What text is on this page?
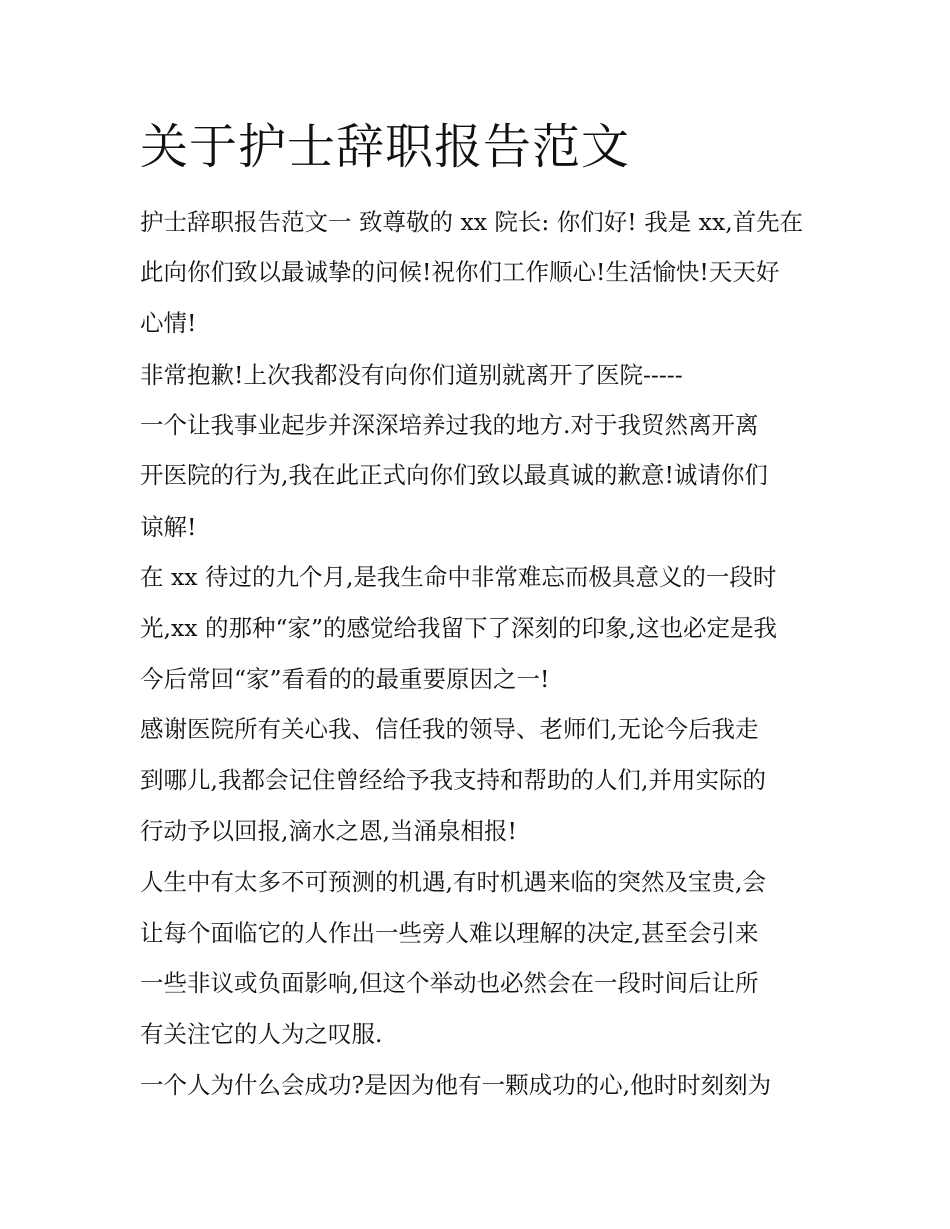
关于护士辞职报告范文

护士辞职报告范文一 致尊敬的 xx 院长: 你们好! 我是 xx,首先在

此向你们致以最诚挚的问候!祝你们工作顺心!生活愉快!天天好

心情!

非常抱歉!上次我都没有向你们道别就离开了医院-----

一个让我事业起步并深深培养过我的地方.对于我贸然离开离

开医院的行为,我在此正式向你们致以最真诚的歉意!诚请你们

谅解!

在 xx 待过的九个月,是我生命中非常难忘而极具意义的一段时

光,xx 的那种“家”的感觉给我留下了深刻的印象,这也必定是我

今后常回“家”看看的的最重要原因之一!

感谢医院所有关心我、信任我的领导、老师们,无论今后我走

到哪儿,我都会记住曾经给予我支持和帮助的人们,并用实际的

行动予以回报,滴水之恩,当涌泉相报!

人生中有太多不可预测的机遇,有时机遇来临的突然及宝贵,会

让每个面临它的人作出一些旁人难以理解的决定,甚至会引来

一些非议或负面影响,但这个举动也必然会在一段时间后让所

有关注它的人为之叹服.

一个人为什么会成功?是因为他有一颗成功的心,他时时刻刻为
